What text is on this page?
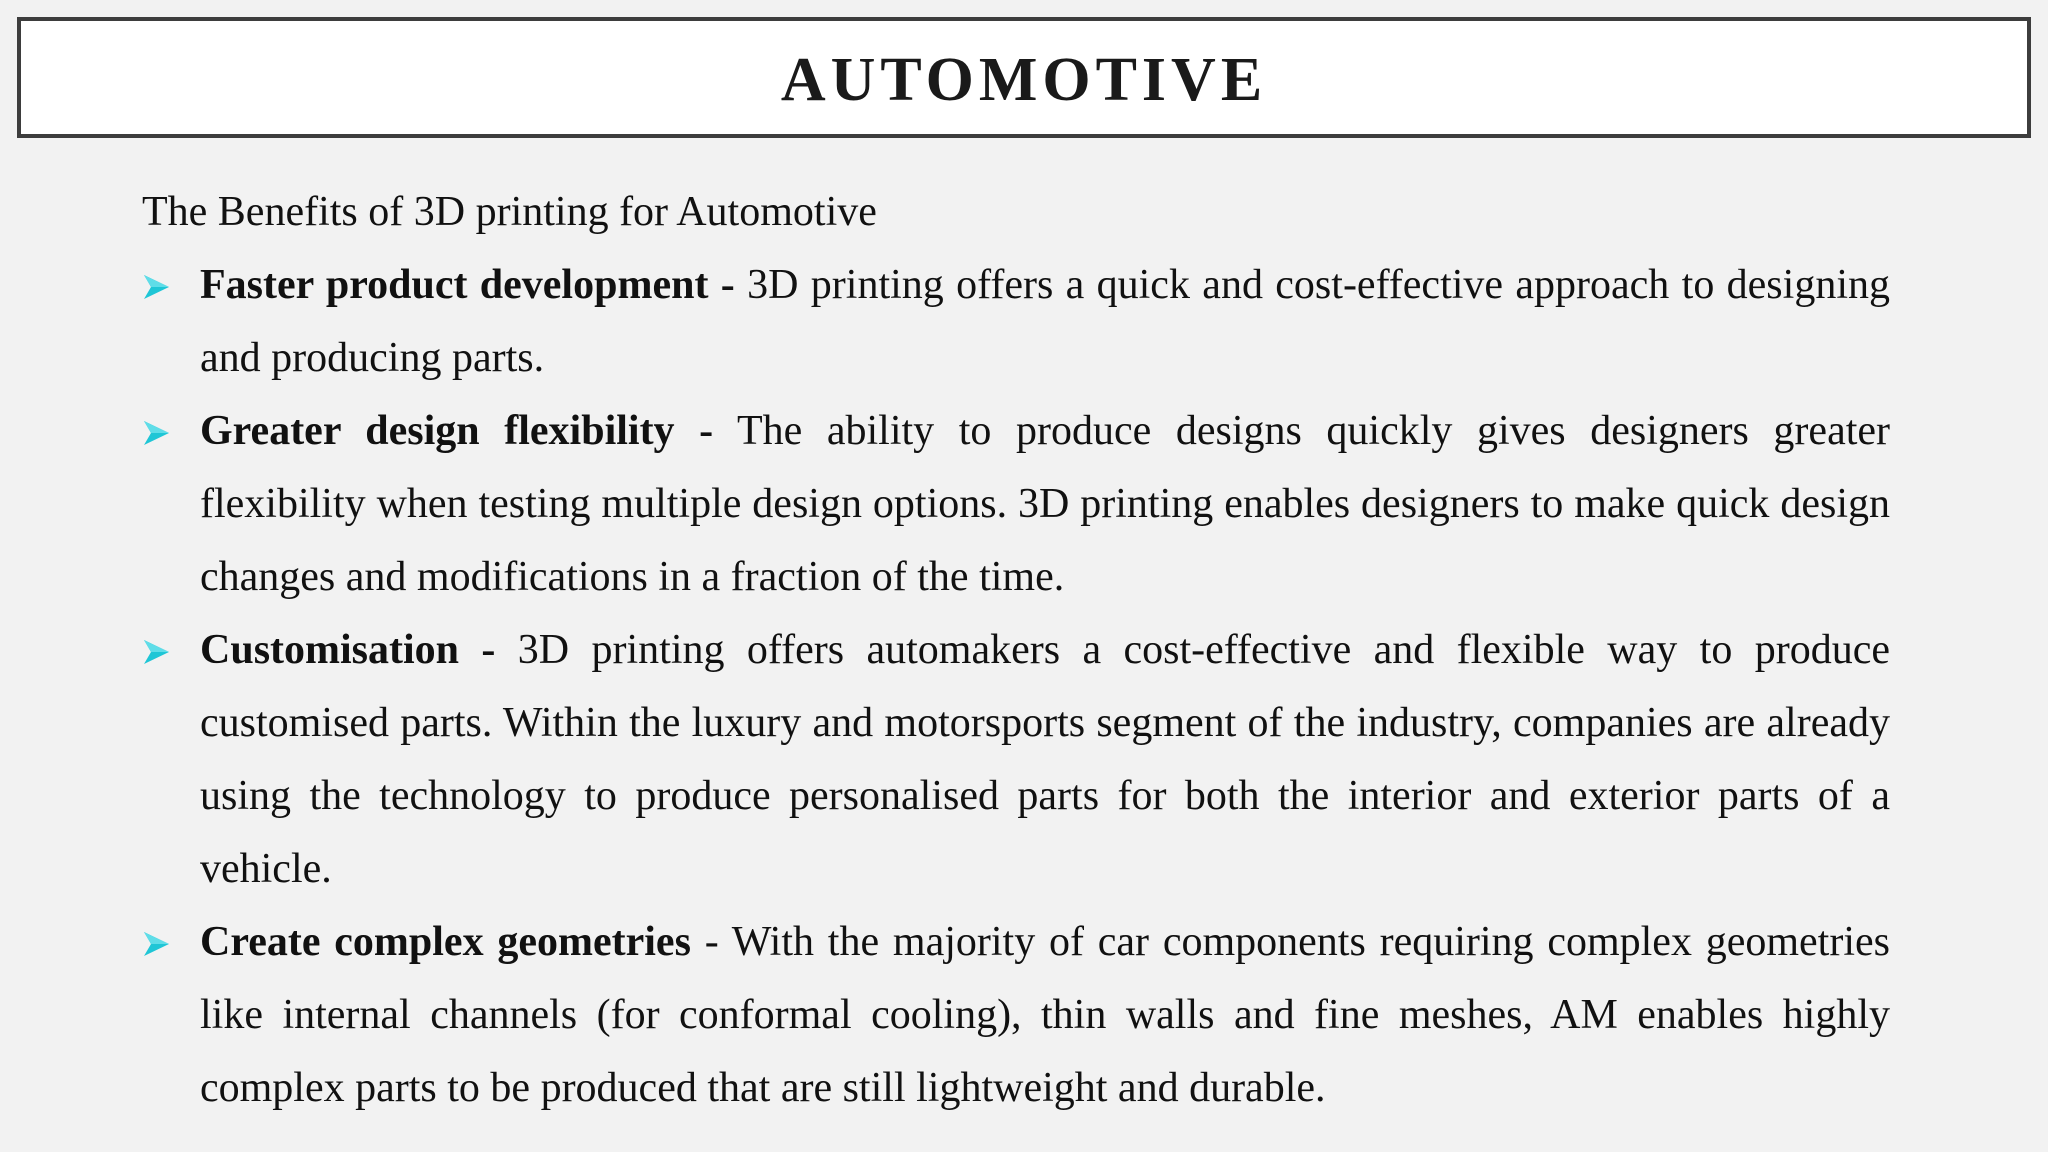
AUTOMOTIVE

The Benefits of 3D printing for Automotive

Faster product development - 3D printing offers a quick and cost-effective approach to designing and producing parts.
Greater design flexibility - The ability to produce designs quickly gives designers greater flexibility when testing multiple design options. 3D printing enables designers to make quick design changes and modifications in a fraction of the time.
Customisation - 3D printing offers automakers a cost-effective and flexible way to produce customised parts. Within the luxury and motorsports segment of the industry, companies are already using the technology to produce personalised parts for both the interior and exterior parts of a vehicle.
Create complex geometries - With the majority of car components requiring complex geometries like internal channels (for conformal cooling), thin walls and fine meshes, AM enables highly complex parts to be produced that are still lightweight and durable.
